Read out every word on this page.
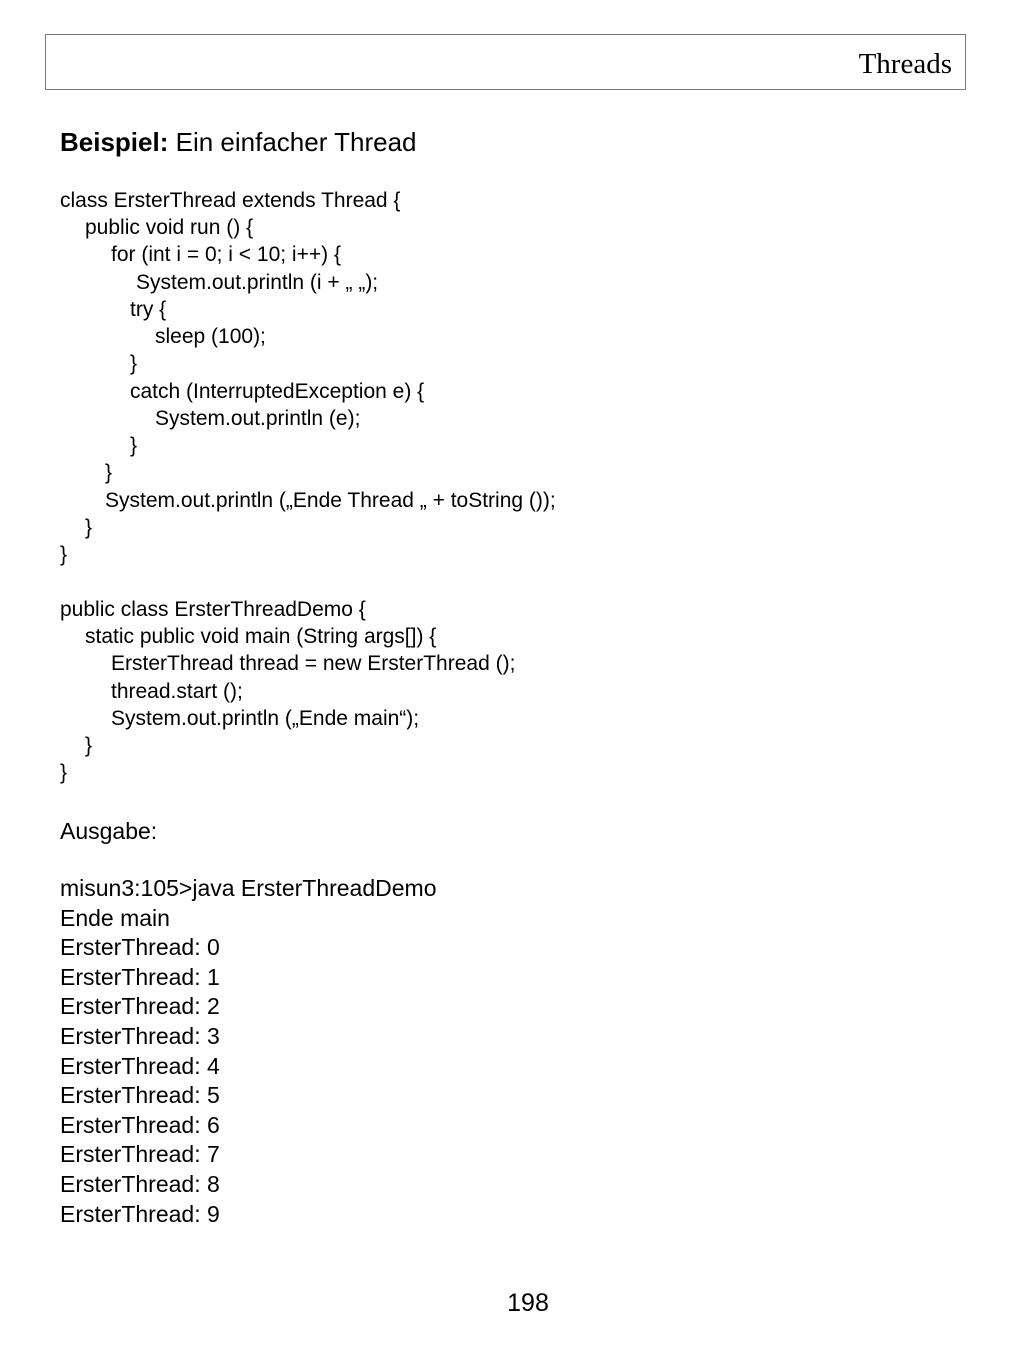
Threads
Beispiel: Ein einfacher Thread
class ErsterThread extends Thread {
public void run () {
for (int i = 0; i < 10; i++) {
System.out.println (i + „ „);
try {
sleep (100);
}
catch (InterruptedException e) {
System.out.println (e);
}
}
System.out.println („Ende Thread „ + toString ());
}
}
public class ErsterThreadDemo {
static public void main (String args[]) {
ErsterThread thread = new ErsterThread ();
thread.start ();
System.out.println („Ende main“);
}
}
Ausgabe:
misun3:105>java ErsterThreadDemo
Ende main
ErsterThread: 0
ErsterThread: 1
ErsterThread: 2
ErsterThread: 3
ErsterThread: 4
ErsterThread: 5
ErsterThread: 6
ErsterThread: 7
ErsterThread: 8
ErsterThread: 9
198
